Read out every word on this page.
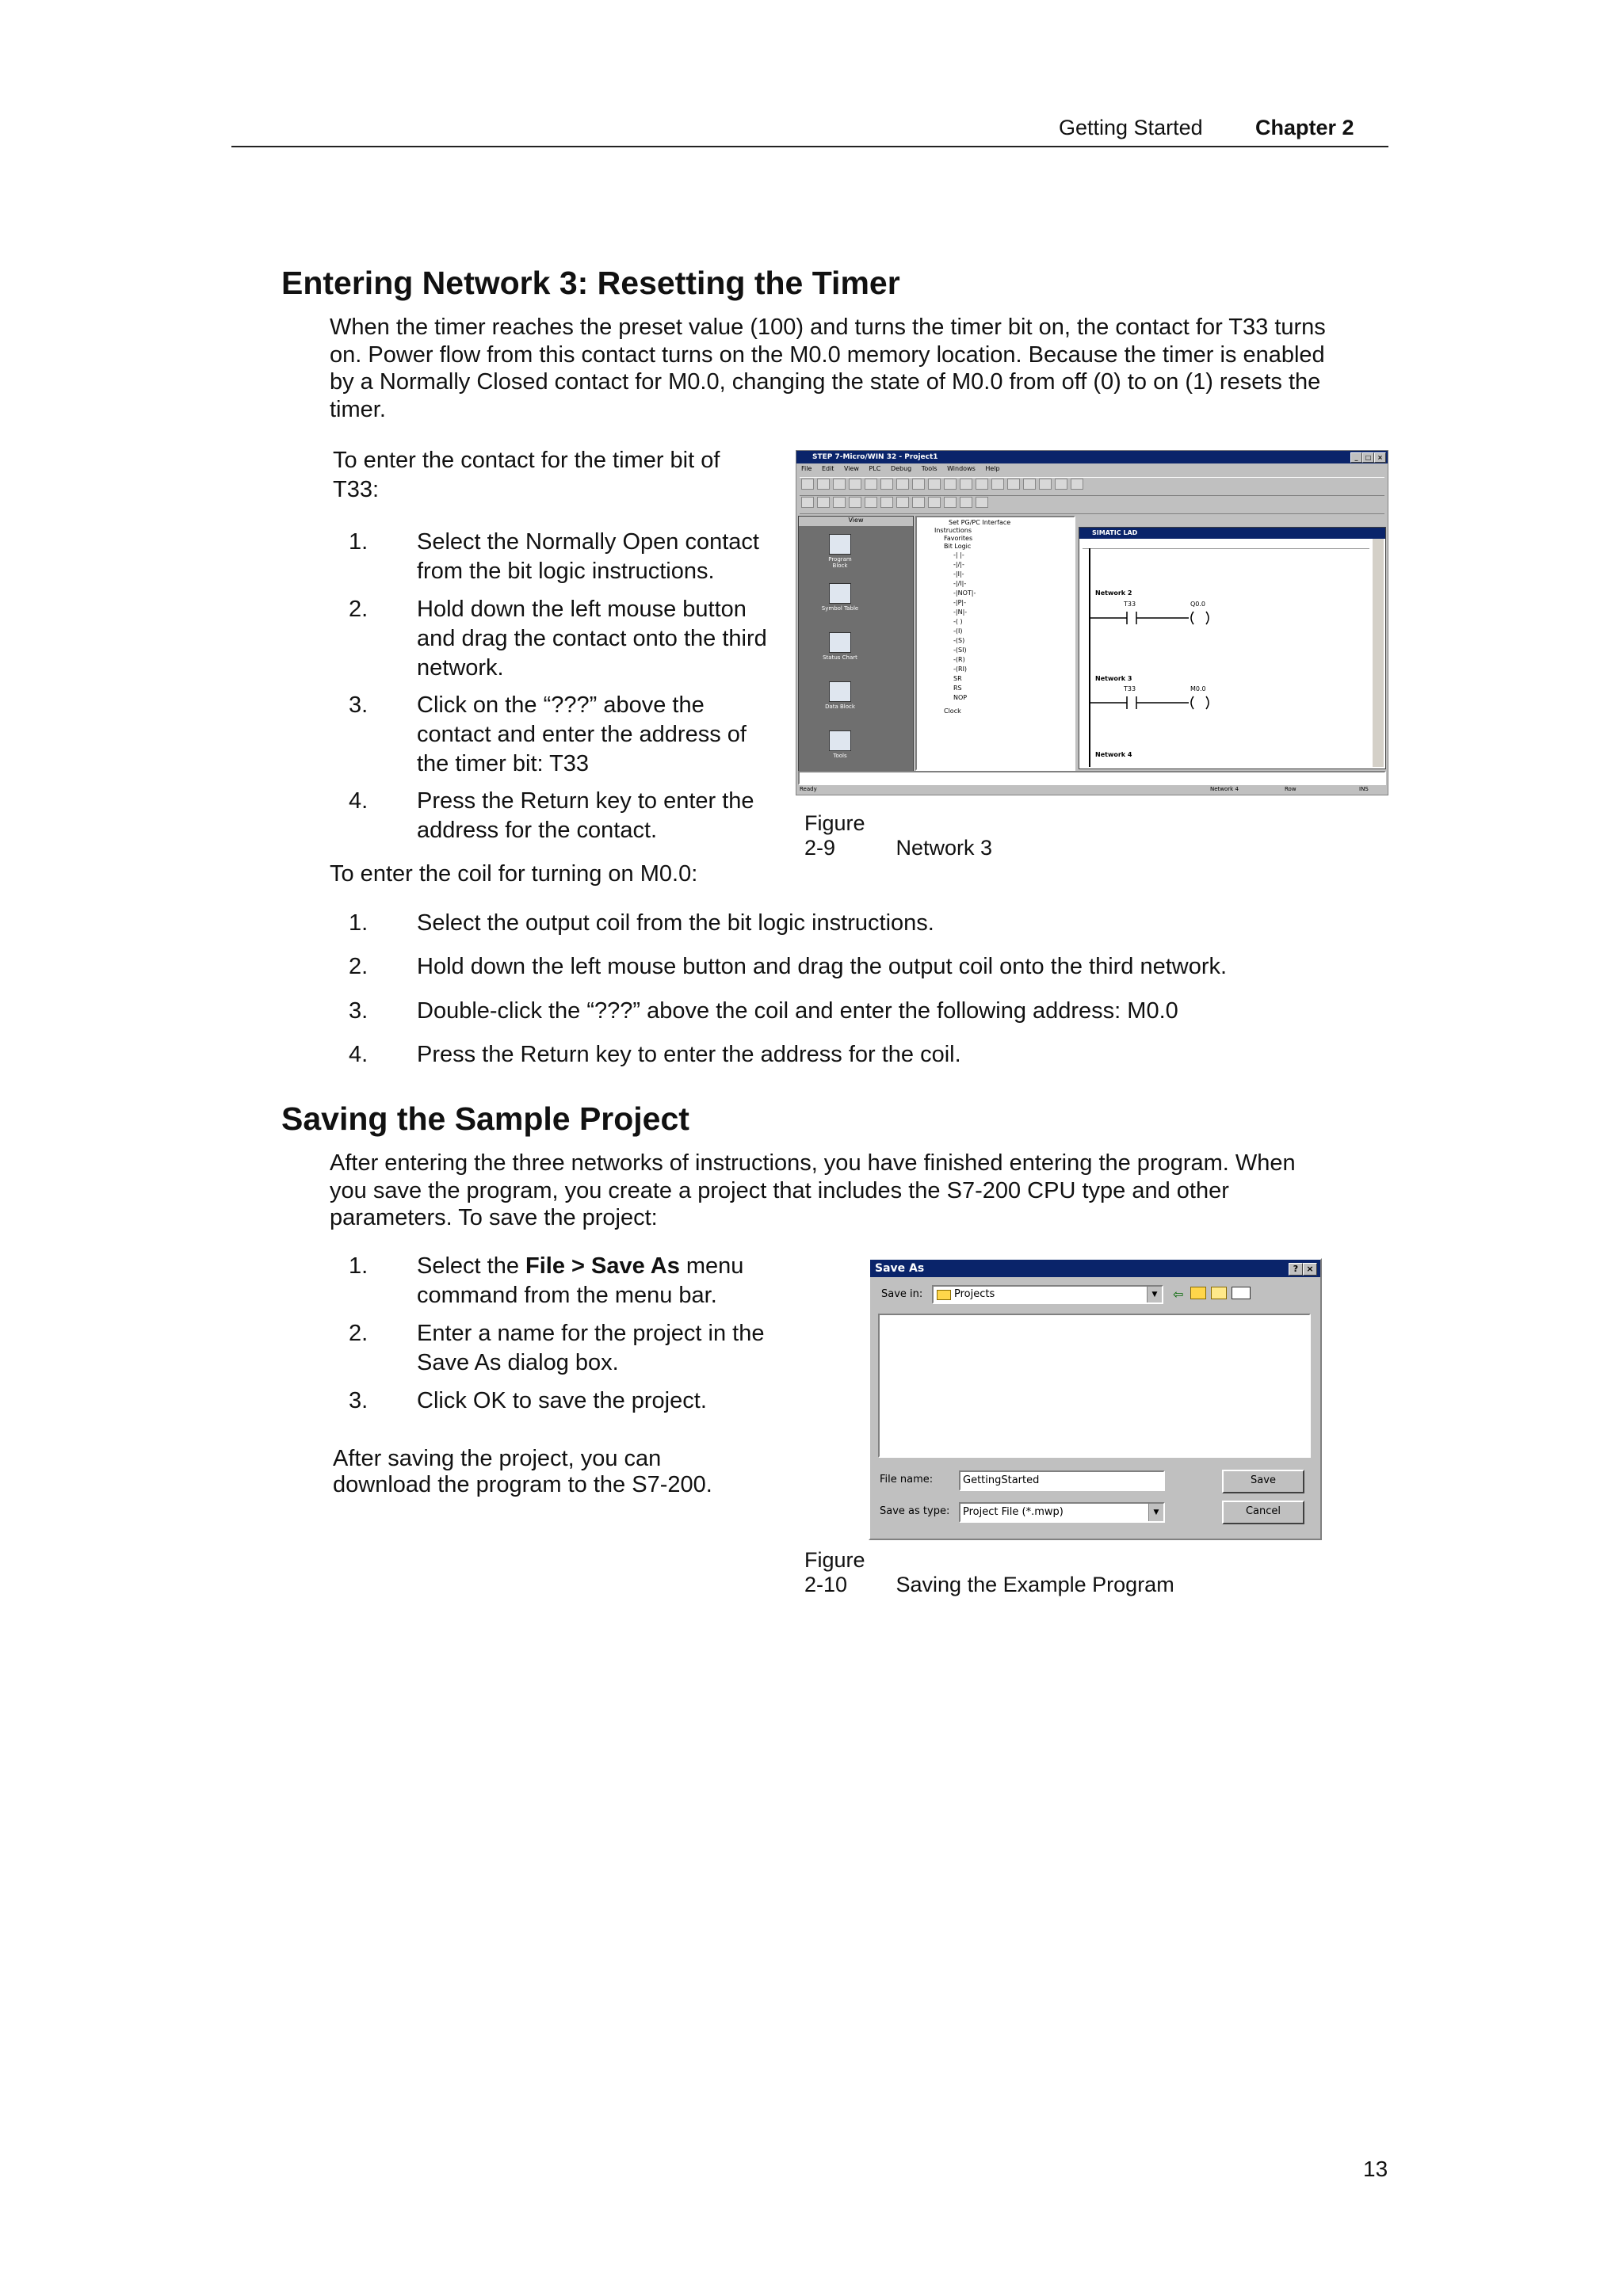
Getting Started Chapter 2
Entering Network 3: Resetting the Timer
When the timer reaches the preset value (100) and turns the timer bit on, the contact for T33 turns
on. Power flow from this contact turns on the M0.0 memory location. Because the timer is enabled
by a Normally Closed contact for M0.0, changing the state of M0.0 from off (0) to on (1) resets the
timer.
To enter the contact for the timer bit of
T33:
1. Select the Normally Open contact
from the bit logic instructions.
2. Hold down the left mouse button
and drag the contact onto the third
network.
3. Click on the “???” above the
contact and enter the address of
the timer bit: T33
4. Press the Return key to enter the
address for the contact.
STEP 7-Micro/WIN 32 - Project1	_	□ ×
File Edit View PLC Debug Tools Windows Help
View
Program Block
Symbol Table
Status Chart
Data Block
Tools
Set PG/PC Interface
Instructions
Favorites
Bit Logic
-| |-
-|/|-
-|I|-
-|/I|-
-|NOT|-
-|P|-
-|N|-
-( )
-(I)
-(S)
-(SI)
-(R)
-(RI)
SR
RS
NOP
Clock
SIMATIC LAD
Network 2
T33	Q0.0
Network 3
T33	M0.0
Network 4
Ready	Network 4	Row	INS
Figure 2-9	Network 3
To enter the coil for turning on M0.0:
1. Select the output coil from the bit logic instructions.
2. Hold down the left mouse button and drag the output coil onto the third network.
3. Double-click the “???” above the coil and enter the following address: M0.0
4. Press the Return key to enter the address for the coil.
Saving the Sample Project
After entering the three networks of instructions, you have finished entering the program. When
you save the program, you create a project that includes the S7-200 CPU type and other
parameters. To save the project:
1. Select the File > Save As menu
command from the menu bar.
2. Enter a name for the project in the
Save As dialog box.
3. Click OK to save the project.
After saving the project, you can
download the program to the S7-200.
Save As	? ×
Save in:	Projects	▼	⇦
File name:	GettingStarted	Save
Save as type:	Project File (*.mwp)	▼	Cancel
Figure 2-10 Saving the Example Program
13
